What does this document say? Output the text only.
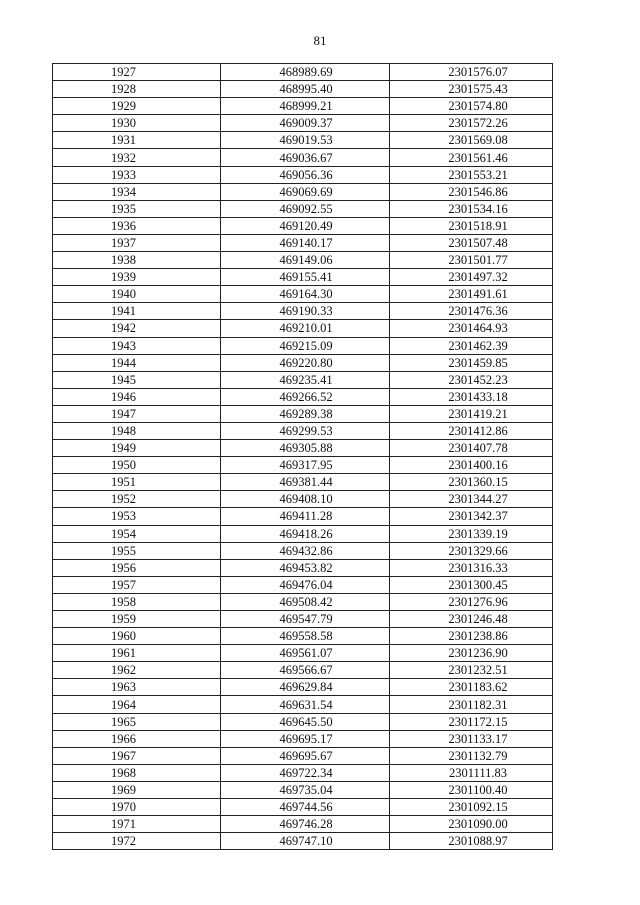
81
1927	468989.69	2301576.07
1928	468995.40	2301575.43
1929	468999.21	2301574.80
1930	469009.37	2301572.26
1931	469019.53	2301569.08
1932	469036.67	2301561.46
1933	469056.36	2301553.21
1934	469069.69	2301546.86
1935	469092.55	2301534.16
1936	469120.49	2301518.91
1937	469140.17	2301507.48
1938	469149.06	2301501.77
1939	469155.41	2301497.32
1940	469164.30	2301491.61
1941	469190.33	2301476.36
1942	469210.01	2301464.93
1943	469215.09	2301462.39
1944	469220.80	2301459.85
1945	469235.41	2301452.23
1946	469266.52	2301433.18
1947	469289.38	2301419.21
1948	469299.53	2301412.86
1949	469305.88	2301407.78
1950	469317.95	2301400.16
1951	469381.44	2301360.15
1952	469408.10	2301344.27
1953	469411.28	2301342.37
1954	469418.26	2301339.19
1955	469432.86	2301329.66
1956	469453.82	2301316.33
1957	469476.04	2301300.45
1958	469508.42	2301276.96
1959	469547.79	2301246.48
1960	469558.58	2301238.86
1961	469561.07	2301236.90
1962	469566.67	2301232.51
1963	469629.84	2301183.62
1964	469631.54	2301182.31
1965	469645.50	2301172.15
1966	469695.17	2301133.17
1967	469695.67	2301132.79
1968	469722.34	2301111.83
1969	469735.04	2301100.40
1970	469744.56	2301092.15
1971	469746.28	2301090.00
1972	469747.10	2301088.97
